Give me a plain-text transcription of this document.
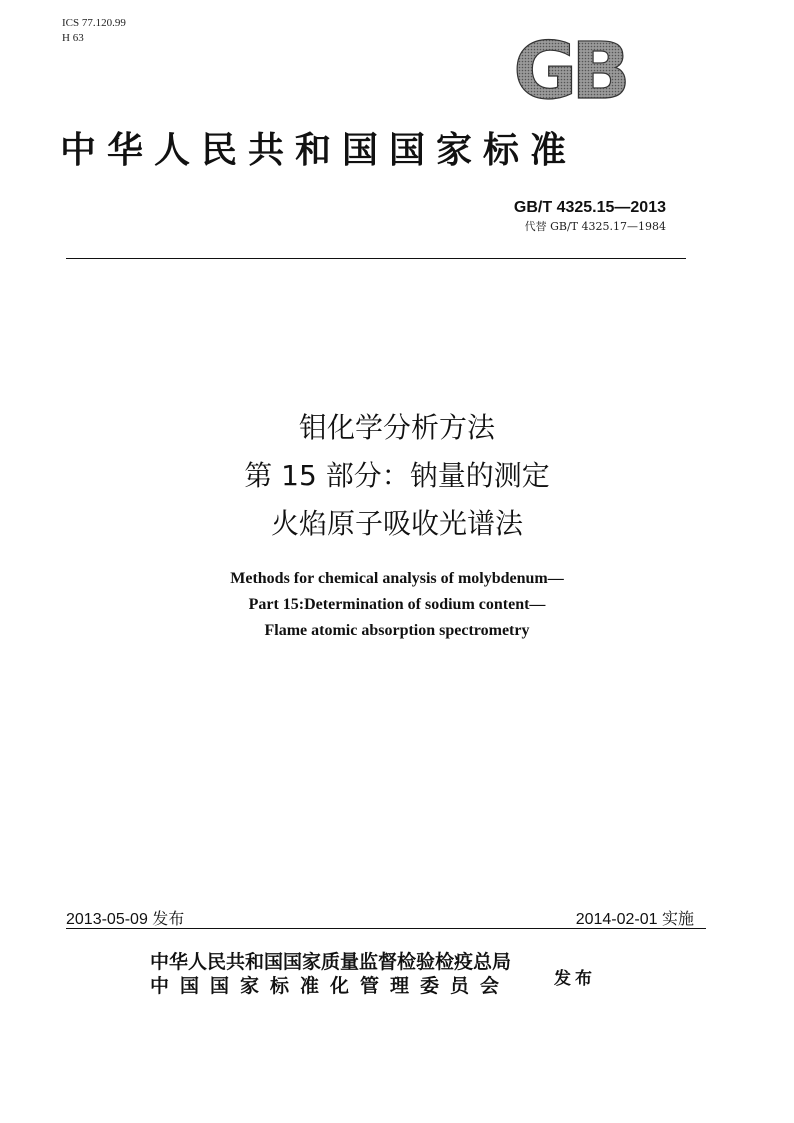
ICS 77.120.99
H 63	GB
中华人民共和国国家标准
GB/T 4325.15—2013
代替 GB/T 4325.17—1984
钼化学分析方法
第 15 部分：钠量的测定
火焰原子吸收光谱法
Methods for chemical analysis of molybdenum—
Part 15:Determination of sodium content—
Flame atomic absorption spectrometry
2013-05-09 发布	2014-02-01 实施
中华人民共和国国家质量监督检验检疫总局
中国国家标准化管理委员会	发布
